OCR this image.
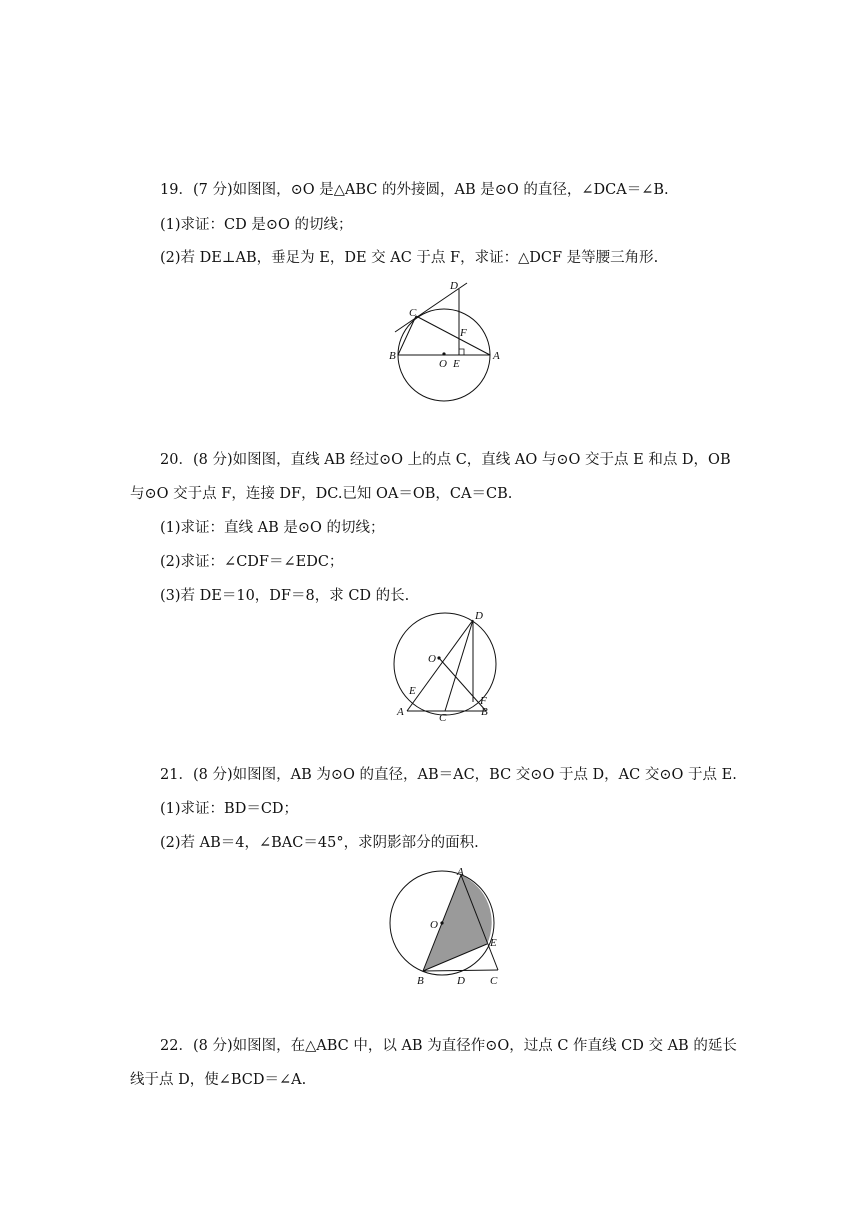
19．(7 分)如图图，⊙O 是△ABC 的外接圆，AB 是⊙O 的直径，∠DCA＝∠B.
(1)求证：CD 是⊙O 的切线；
(2)若 DE⊥AB，垂足为 E，DE 交 AC 于点 F，求证：△DCF 是等腰三角形.
D
C
F
B
O E
A
20．(8 分)如图图，直线 AB 经过⊙O 上的点 C，直线 AO 与⊙O 交于点 E 和点 D，OB
与⊙O 交于点 F，连接 DF，DC.已知 OA＝OB，CA＝CB.
(1)求证：直线 AB 是⊙O 的切线；
(2)求证：∠CDF＝∠EDC；
(3)若 DE＝10，DF＝8，求 CD 的长.
D
O
E
F
A	C	B
21．(8 分)如图图，AB 为⊙O 的直径，AB＝AC，BC 交⊙O 于点 D，AC 交⊙O 于点 E.
(1)求证：BD＝CD；
(2)若 AB＝4，∠BAC＝45°，求阴影部分的面积.
A
O
E
B	D C
22．(8 分)如图图，在△ABC 中，以 AB 为直径作⊙O，过点 C 作直线 CD 交 AB 的延长
线于点 D，使∠BCD＝∠A.
